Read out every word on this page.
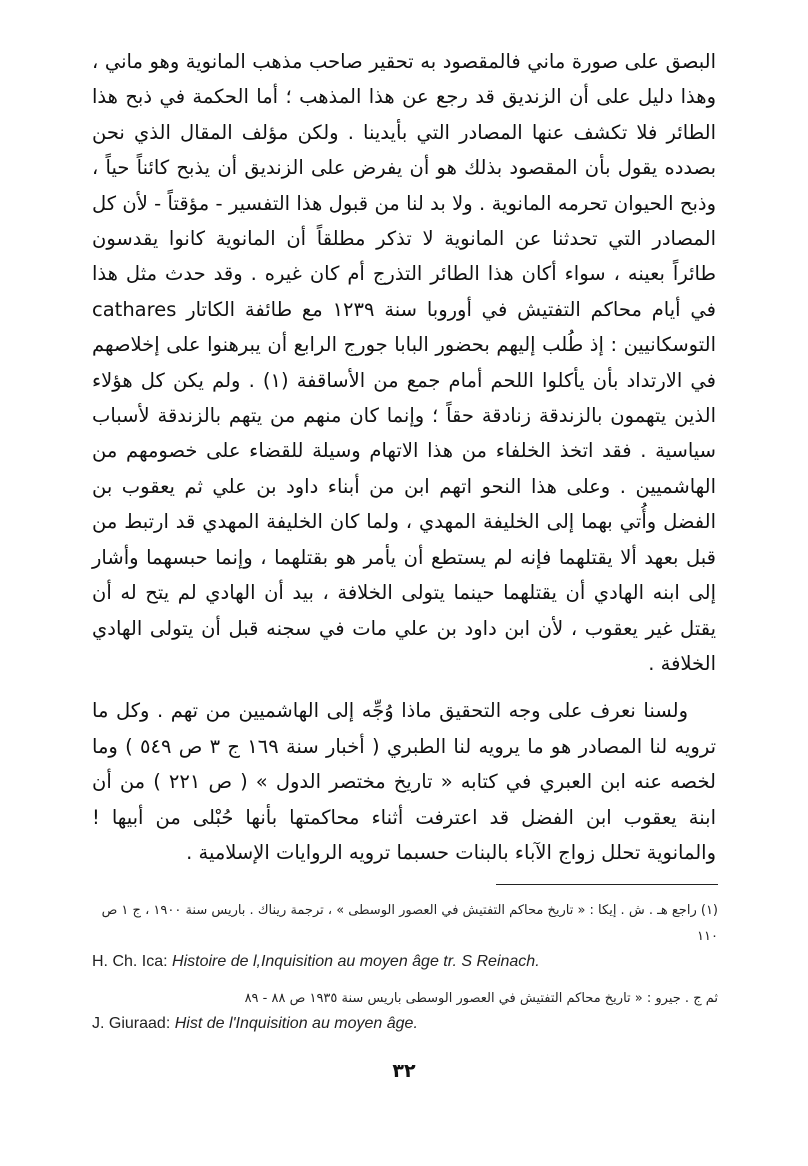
البصق على صورة ماني فالمقصود به تحقير صاحب مذهب المانوية وهو ماني ، وهذا دليل على أن الزنديق قد رجع عن هذا المذهب ؛ أما الحكمة في ذبح هذا الطائر فلا تكشف عنها المصادر التي بأيدينا . ولكن مؤلف المقال الذي نحن بصدده يقول بأن المقصود بذلك هو أن يفرض على الزنديق أن يذبح كائناً حياً ، وذبح الحيوان تحرمه المانوية . ولا بد لنا من قبول هذا التفسير - مؤقتاً - لأن كل المصادر التي تحدثنا عن المانوية لا تذكر مطلقاً أن المانوية كانوا يقدسون طائراً بعينه ، سواء أكان هذا الطائر التذرج أم كان غيره . وقد حدث مثل هذا في أيام محاكم التفتيش في أوروبا سنة ١٢٣٩ مع طائفة الكاتار cathares التوسكانيين : إذ طُلب إليهم بحضور البابا جورج الرابع أن يبرهنوا على إخلاصهم في الارتداد بأن يأكلوا اللحم أمام جمع من الأساقفة (١) . ولم يكن كل هؤلاء الذين يتهمون بالزندقة زنادقة حقاً ؛ وإنما كان منهم من يتهم بالزندقة لأسباب سياسية . فقد اتخذ الخلفاء من هذا الاتهام وسيلة للقضاء على خصومهم من الهاشميين . وعلى هذا النحو اتهم ابن من أبناء داود بن علي ثم يعقوب بن الفضل وأُتي بهما إلى الخليفة المهدي ، ولما كان الخليفة المهدي قد ارتبط من قبل بعهد ألا يقتلهما فإنه لم يستطع أن يأمر هو بقتلهما ، وإنما حبسهما وأشار إلى ابنه الهادي أن يقتلهما حينما يتولى الخلافة ، بيد أن الهادي لم يتح له أن يقتل غير يعقوب ، لأن ابن داود بن علي مات في سجنه قبل أن يتولى الهادي الخلافة .

ولسنا نعرف على وجه التحقيق ماذا وُجِّه إلى الهاشميين من تهم . وكل ما ترويه لنا المصادر هو ما يرويه لنا الطبري ( أخبار سنة ١٦٩ ج ٣ ص ٥٤٩ ) وما لخصه عنه ابن العبري في كتابه « تاريخ مختصر الدول » ( ص ٢٢١ ) من أن ابنة يعقوب ابن الفضل قد اعترفت أثناء محاكمتها بأنها حُبْلى من أبيها ! والمانوية تحلل زواج الآباء بالبنات حسبما ترويه الروايات الإسلامية .

(١) راجع هـ . ش . إيكا : « تاريخ محاكم التفتيش في العصور الوسطى » ، ترجمة ريناك . باريس سنة ١٩٠٠ ، ج ١ ص ١١٠
H. Ch. Ica: Histoire de l,Inquisition au moyen âge tr. S Reinach.
ثم ج . جيرو : « تاريخ محاكم التفتيش في العصور الوسطى باريس سنة ١٩٣٥ ص ٨٨ - ٨٩
J. Giuraad: Hist de l'Inquisition au moyen âge.
٣٢
